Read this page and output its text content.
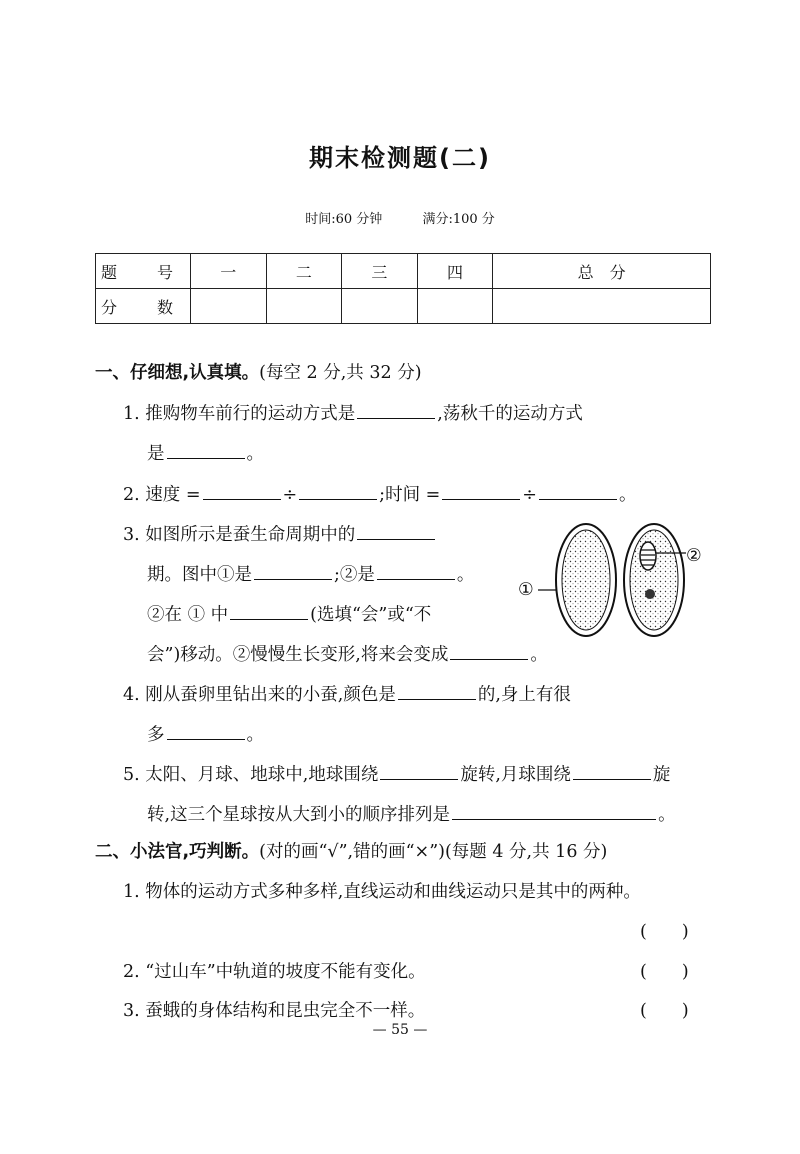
期末检测题(二)
时间:60 分钟	满分:100 分
题　号	一	二	三	四	总　分
分　数					
一、仔细想,认真填。(每空 2 分,共 32 分)
1. 推购物车前行的运动方式是	,荡秋千的运动方式
是	。
2. 速度 =	÷	;时间 =	÷	。
3. 如图所示是蚕生命周期中的
期。图中①是	;②是	。
②在 ① 中	(选填“会”或“不
会”)移动。②慢慢生长变形,将来会变成	。
②
①
4. 刚从蚕卵里钻出来的小蚕,颜色是	的,身上有很
多	。
5. 太阳、月球、地球中,地球围绕	旋转,月球围绕	旋
转,这三个星球按从大到小的顺序排列是	。
二、小法官,巧判断。(对的画“√”,错的画“×”)(每题 4 分,共 16 分)
1. 物体的运动方式多种多样,直线运动和曲线运动只是其中的两种。
(　　)
2. “过山车”中轨道的坡度不能有变化。	(　　)
3. 蚕蛾的身体结构和昆虫完全不一样。	(　　)
— 55 —
